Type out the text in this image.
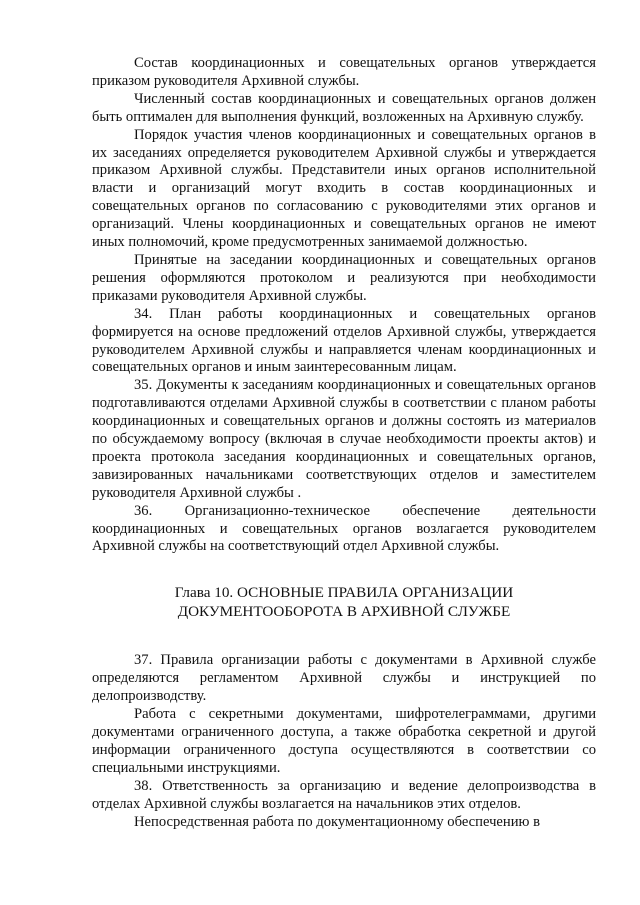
Состав координационных и совещательных органов утверждается приказом руководителя Архивной службы.

Численный состав координационных и совещательных органов должен быть оптимален для выполнения функций, возложенных на Архивную службу.

Порядок участия членов координационных и совещательных органов в их заседаниях определяется руководителем Архивной службы и утверждается приказом Архивной службы. Представители иных органов исполнительной власти и организаций могут входить в состав координационных и совещательных органов по согласованию с руководителями этих органов и организаций. Члены координационных и совещательных органов не имеют иных полномочий, кроме предусмотренных занимаемой должностью.

Принятые на заседании координационных и совещательных органов решения оформляются протоколом и реализуются при необходимости приказами руководителя Архивной службы.

34. План работы координационных и совещательных органов формируется на основе предложений отделов Архивной службы, утверждается руководителем Архивной службы и направляется членам координационных и совещательных органов и иным заинтересованным лицам.

35. Документы к заседаниям координационных и совещательных органов подготавливаются отделами Архивной службы в соответствии с планом работы координационных и совещательных органов и должны состоять из материалов по обсуждаемому вопросу (включая в случае необходимости проекты актов) и проекта протокола заседания координационных и совещательных органов, завизированных начальниками соответствующих отделов и заместителем руководителя Архивной службы .

36. Организационно-техническое обеспечение деятельности координационных и совещательных органов возлагается руководителем Архивной службы на соответствующий отдел Архивной службы.

Глава 10. ОСНОВНЫЕ ПРАВИЛА ОРГАНИЗАЦИИ
ДОКУМЕНТООБОРОТА В АРХИВНОЙ СЛУЖБЕ

37. Правила организации работы с документами в Архивной службе определяются регламентом Архивной службы и инструкцией по делопроизводству.

Работа с секретными документами, шифротелеграммами, другими документами ограниченного доступа, а также обработка секретной и другой информации ограниченного доступа осуществляются в соответствии со специальными инструкциями.

38. Ответственность за организацию и ведение делопроизводства в отделах Архивной службы возлагается на начальников этих отделов.

Непосредственная работа по документационному обеспечению в
